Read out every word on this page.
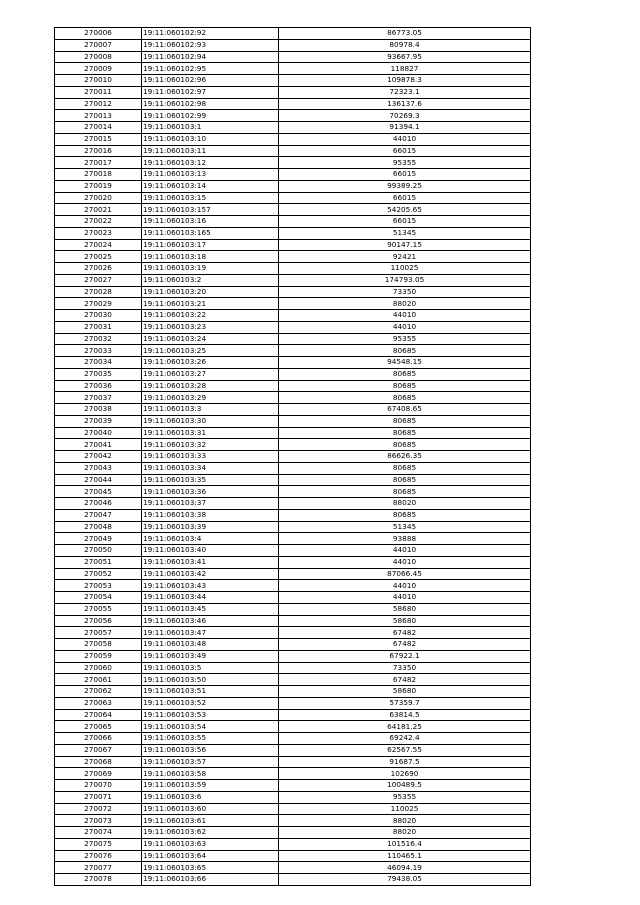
270006	19:11:060102:92	86773.05
270007	19:11:060102:93	80978.4
270008	19:11:060102:94	93667.95
270009	19:11:060102:95	118827
270010	19:11:060102:96	109878.3
270011	19:11:060102:97	72323.1
270012	19:11:060102:98	136137.6
270013	19:11:060102:99	70269.3
270014	19:11:060103:1	91394.1
270015	19:11:060103:10	44010
270016	19:11:060103:11	66015
270017	19:11:060103:12	95355
270018	19:11:060103:13	66015
270019	19:11:060103:14	99389.25
270020	19:11:060103:15	66015
270021	19:11:060103:157	54205.65
270022	19:11:060103:16	66015
270023	19:11:060103:165	51345
270024	19:11:060103:17	90147.15
270025	19:11:060103:18	92421
270026	19:11:060103:19	110025
270027	19:11:060103:2	174793.05
270028	19:11:060103:20	73350
270029	19:11:060103:21	88020
270030	19:11:060103:22	44010
270031	19:11:060103:23	44010
270032	19:11:060103:24	95355
270033	19:11:060103:25	80685
270034	19:11:060103:26	94548.15
270035	19:11:060103:27	80685
270036	19:11:060103:28	80685
270037	19:11:060103:29	80685
270038	19:11:060103:3	67408.65
270039	19:11:060103:30	80685
270040	19:11:060103:31	80685
270041	19:11:060103:32	80685
270042	19:11:060103:33	86626.35
270043	19:11:060103:34	80685
270044	19:11:060103:35	80685
270045	19:11:060103:36	80685
270046	19:11:060103:37	88020
270047	19:11:060103:38	80685
270048	19:11:060103:39	51345
270049	19:11:060103:4	93888
270050	19:11:060103:40	44010
270051	19:11:060103:41	44010
270052	19:11:060103:42	87066.45
270053	19:11:060103:43	44010
270054	19:11:060103:44	44010
270055	19:11:060103:45	58680
270056	19:11:060103:46	58680
270057	19:11:060103:47	67482
270058	19:11:060103:48	67482
270059	19:11:060103:49	67922.1
270060	19:11:060103:5	73350
270061	19:11:060103:50	67482
270062	19:11:060103:51	58680
270063	19:11:060103:52	57359.7
270064	19:11:060103:53	63814.5
270065	19:11:060103:54	64181.25
270066	19:11:060103:55	69242.4
270067	19:11:060103:56	62567.55
270068	19:11:060103:57	91687.5
270069	19:11:060103:58	102690
270070	19:11:060103:59	100489.5
270071	19:11:060103:6	95355
270072	19:11:060103:60	110025
270073	19:11:060103:61	88020
270074	19:11:060103:62	88020
270075	19:11:060103:63	101516.4
270076	19:11:060103:64	110465.1
270077	19:11:060103:65	46094.19
270078	19:11:060103:66	79438.05
